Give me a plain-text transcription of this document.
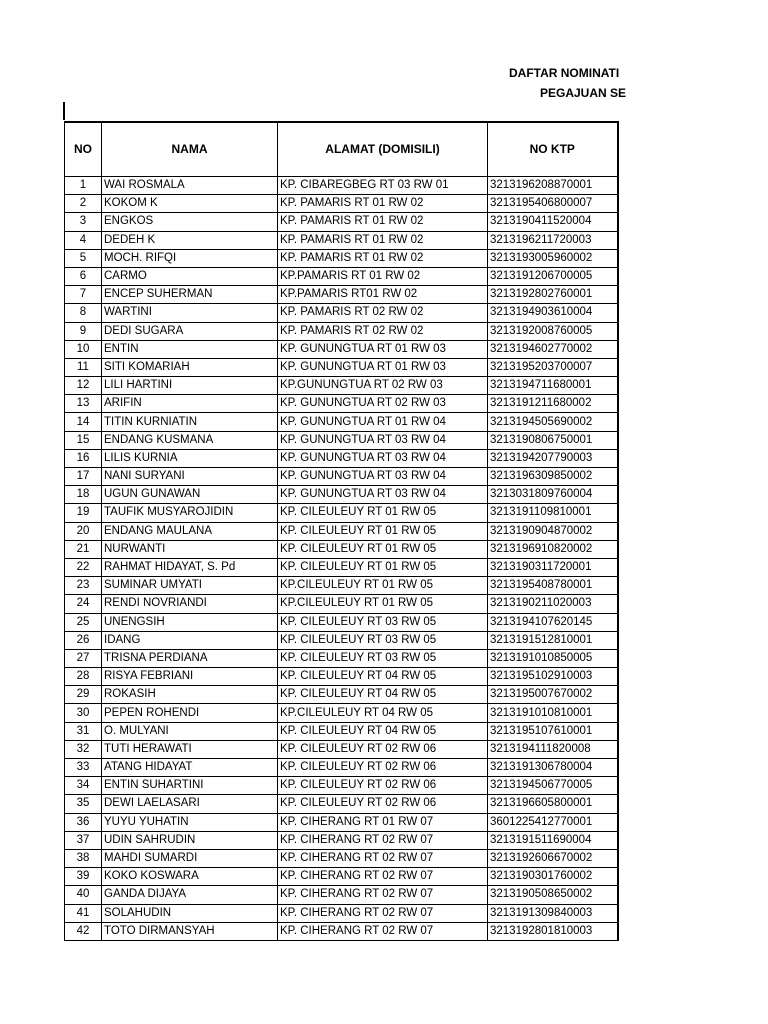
DAFTAR NOMINATI
PEGAJUAN SE
NO	NAMA	ALAMAT (DOMISILI)	NO KTP
1	WAI ROSMALA	KP. CIBAREGBEG RT 03 RW 01	3213196208870001
2	KOKOM K	KP. PAMARIS RT 01 RW 02	3213195406800007
3	ENGKOS	KP. PAMARIS RT 01 RW 02	3213190411520004
4	DEDEH K	KP. PAMARIS RT 01 RW 02	3213196211720003
5	MOCH. RIFQI	KP. PAMARIS RT 01 RW 02	3213193005960002
6	CARMO	KP.PAMARIS RT 01 RW 02	3213191206700005
7	ENCEP SUHERMAN	KP.PAMARIS RT01 RW 02	3213192802760001
8	WARTINI	KP. PAMARIS RT 02 RW 02	3213194903610004
9	DEDI SUGARA	KP. PAMARIS RT 02 RW 02	3213192008760005
10	ENTIN	KP. GUNUNGTUA RT 01 RW 03	3213194602770002
11	SITI KOMARIAH	KP. GUNUNGTUA RT 01 RW 03	3213195203700007
12	LILI HARTINI	KP.GUNUNGTUA RT 02 RW 03	3213194711680001
13	ARIFIN	KP. GUNUNGTUA RT 02 RW 03	3213191211680002
14	TITIN KURNIATIN	KP. GUNUNGTUA RT 01 RW 04	3213194505690002
15	ENDANG KUSMANA	KP. GUNUNGTUA RT 03 RW 04	3213190806750001
16	LILIS KURNIA	KP. GUNUNGTUA RT 03 RW 04	3213194207790003
17	NANI SURYANI	KP. GUNUNGTUA RT 03 RW 04	3213196309850002
18	UGUN GUNAWAN	KP. GUNUNGTUA RT 03 RW 04	3213031809760004
19	TAUFIK MUSYAROJIDIN	KP. CILEULEUY RT 01 RW 05	3213191109810001
20	ENDANG MAULANA	KP. CILEULEUY RT 01 RW 05	3213190904870002
21	NURWANTI	KP. CILEULEUY RT 01 RW 05	3213196910820002
22	RAHMAT HIDAYAT, S. Pd	KP. CILEULEUY RT 01 RW 05	3213190311720001
23	SUMINAR UMYATI	KP.CILEULEUY RT 01 RW 05	3213195408780001
24	RENDI NOVRIANDI	KP.CILEULEUY RT 01 RW 05	3213190211020003
25	UNENGSIH	KP. CILEULEUY RT 03 RW 05	3213194107620145
26	IDANG	KP. CILEULEUY RT 03 RW 05	3213191512810001
27	TRISNA PERDIANA	KP. CILEULEUY RT 03 RW 05	3213191010850005
28	RISYA FEBRIANI	KP. CILEULEUY RT 04 RW 05	3213195102910003
29	ROKASIH	KP. CILEULEUY RT 04 RW 05	3213195007670002
30	PEPEN ROHENDI	KP.CILEULEUY RT 04 RW 05	3213191010810001
31	O. MULYANI	KP. CILEULEUY RT 04 RW 05	3213195107610001
32	TUTI HERAWATI	KP. CILEULEUY RT 02 RW 06	3213194111820008
33	ATANG HIDAYAT	KP. CILEULEUY RT 02 RW 06	3213191306780004
34	ENTIN SUHARTINI	KP. CILEULEUY RT 02 RW 06	3213194506770005
35	DEWI LAELASARI	KP. CILEULEUY RT 02 RW 06	3213196605800001
36	YUYU YUHATIN	KP. CIHERANG RT 01 RW 07	3601225412770001
37	UDIN SAHRUDIN	KP. CIHERANG RT 02 RW 07	3213191511690004
38	MAHDI SUMARDI	KP. CIHERANG RT 02 RW 07	3213192606670002
39	KOKO KOSWARA	KP. CIHERANG RT 02 RW 07	3213190301760002
40	GANDA DIJAYA	KP. CIHERANG RT 02 RW 07	3213190508650002
41	SOLAHUDIN	KP. CIHERANG RT 02 RW 07	3213191309840003
42	TOTO DIRMANSYAH	KP. CIHERANG RT 02 RW 07	3213192801810003
